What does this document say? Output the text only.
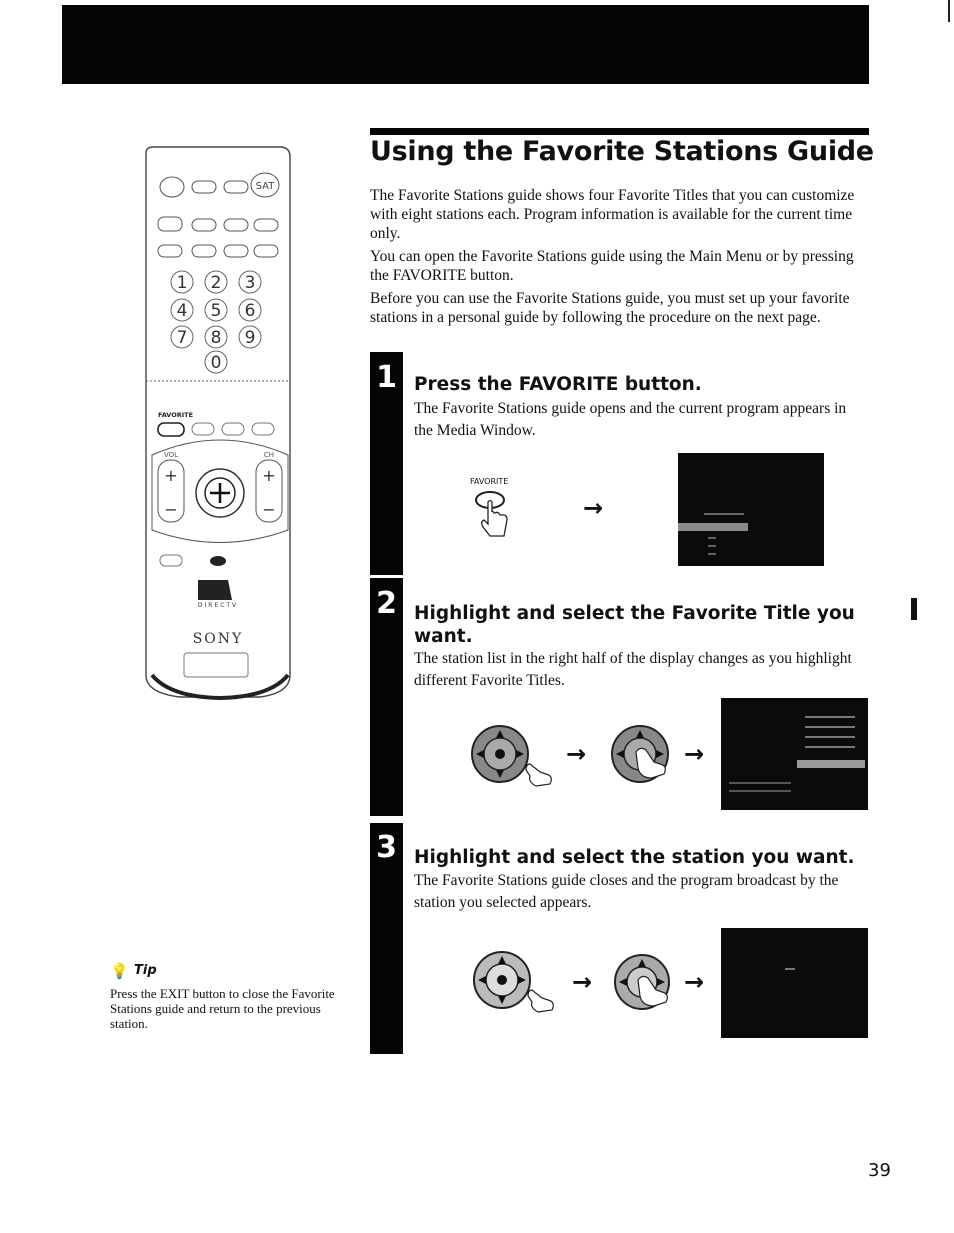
SAT
1 2 3
4 5 6
7 8 9
0
FAVORITE
+
−
+
−
VOL	CH
DIRECTV
SONY
Using the Favorite Stations Guide

The Favorite Stations guide shows four Favorite Titles that you can customize with eight stations each. Program information is available for the current time only.

You can open the Favorite Stations guide using the Main Menu or by pressing the FAVORITE button.

Before you can use the Favorite Stations guide, you must set up your favorite stations in a personal guide by following the procedure on the next page.

1 Press the FAVORITE button.

The Favorite Stations guide opens and the current program appears in the Media Window.

FAVORITE
→
2 Highlight and select the Favorite Title you want.

The station list in the right half of the display changes as you highlight different Favorite Titles.

→	→
3 Highlight and select the station you want.

The Favorite Stations guide closes and the program broadcast by the station you selected appears.

→	→
💡 Tip

Press the EXIT button to close the Favorite Stations guide and return to the previous station.

39
